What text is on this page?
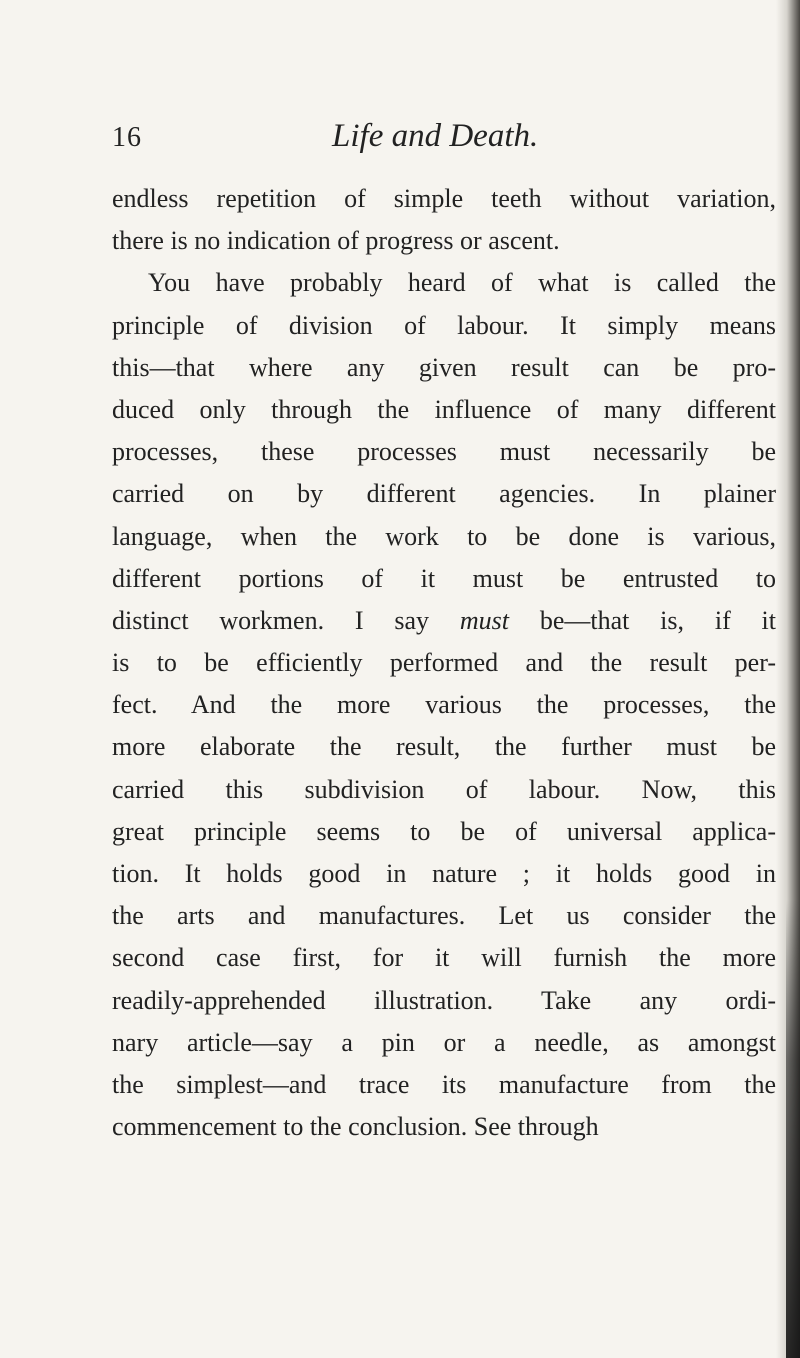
16	Life and Death.
endless repetition of simple teeth without variation,
there is no indication of progress or ascent.
You have probably heard of what is called the
principle of division of labour. It simply means
this—that where any given result can be pro-
duced only through the influence of many different
processes, these processes must necessarily be
carried on by different agencies. In plainer
language, when the work to be done is various,
different portions of it must be entrusted to
distinct workmen. I say must be—that is, if it
is to be efficiently performed and the result per-
fect. And the more various the processes, the
more elaborate the result, the further must be
carried this subdivision of labour. Now, this
great principle seems to be of universal applica-
tion. It holds good in nature ; it holds good in
the arts and manufactures. Let us consider the
second case first, for it will furnish the more
readily-apprehended illustration. Take any ordi-
nary article—say a pin or a needle, as amongst
the simplest—and trace its manufacture from the
commencement to the conclusion. See through
